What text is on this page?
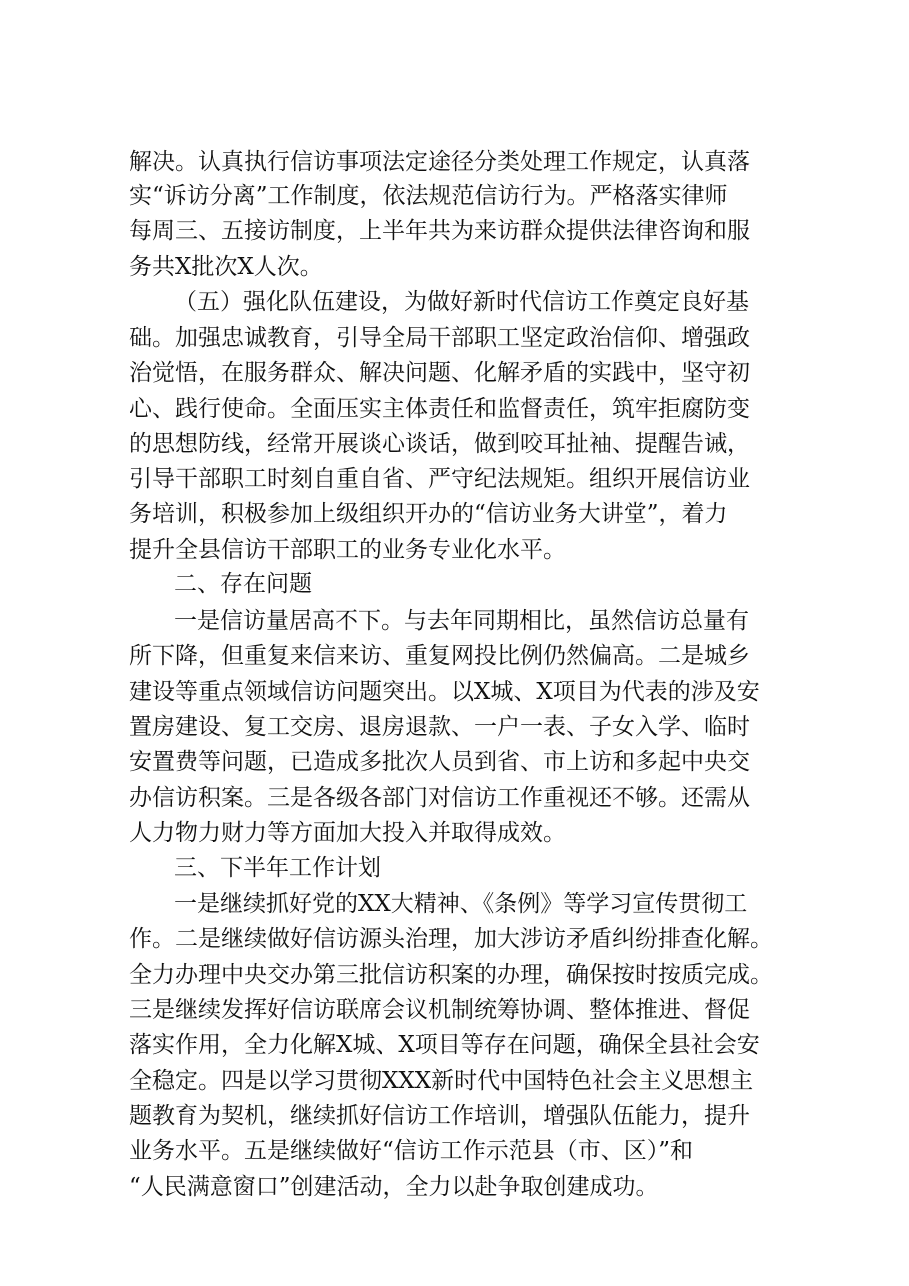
解决。认真执行信访事项法定途径分类处理工作规定，认真落
实“诉访分离”工作制度，依法规范信访行为。严格落实律师
每周三、五接访制度，上半年共为来访群众提供法律咨询和服
务共X批次X人次。
（五）强化队伍建设，为做好新时代信访工作奠定良好基
础。加强忠诚教育，引导全局干部职工坚定政治信仰、增强政
治觉悟，在服务群众、解决问题、化解矛盾的实践中，坚守初
心、践行使命。全面压实主体责任和监督责任，筑牢拒腐防变
的思想防线，经常开展谈心谈话，做到咬耳扯袖、提醒告诫，
引导干部职工时刻自重自省、严守纪法规矩。组织开展信访业
务培训，积极参加上级组织开办的“信访业务大讲堂”，着力
提升全县信访干部职工的业务专业化水平。
二、存在问题
一是信访量居高不下。与去年同期相比，虽然信访总量有
所下降，但重复来信来访、重复网投比例仍然偏高。二是城乡
建设等重点领域信访问题突出。以X城、X项目为代表的涉及安
置房建设、复工交房、退房退款、一户一表、子女入学、临时
安置费等问题，已造成多批次人员到省、市上访和多起中央交
办信访积案。三是各级各部门对信访工作重视还不够。还需从
人力物力财力等方面加大投入并取得成效。
三、下半年工作计划
一是继续抓好党的XX大精神、《条例》等学习宣传贯彻工
作。二是继续做好信访源头治理，加大涉访矛盾纠纷排查化解。
全力办理中央交办第三批信访积案的办理，确保按时按质完成。
三是继续发挥好信访联席会议机制统筹协调、整体推进、督促
落实作用，全力化解X城、X项目等存在问题，确保全县社会安
全稳定。四是以学习贯彻XXX新时代中国特色社会主义思想主
题教育为契机，继续抓好信访工作培训，增强队伍能力，提升
业务水平。五是继续做好“信访工作示范县（市、区）”和
“人民满意窗口”创建活动，全力以赴争取创建成功。
